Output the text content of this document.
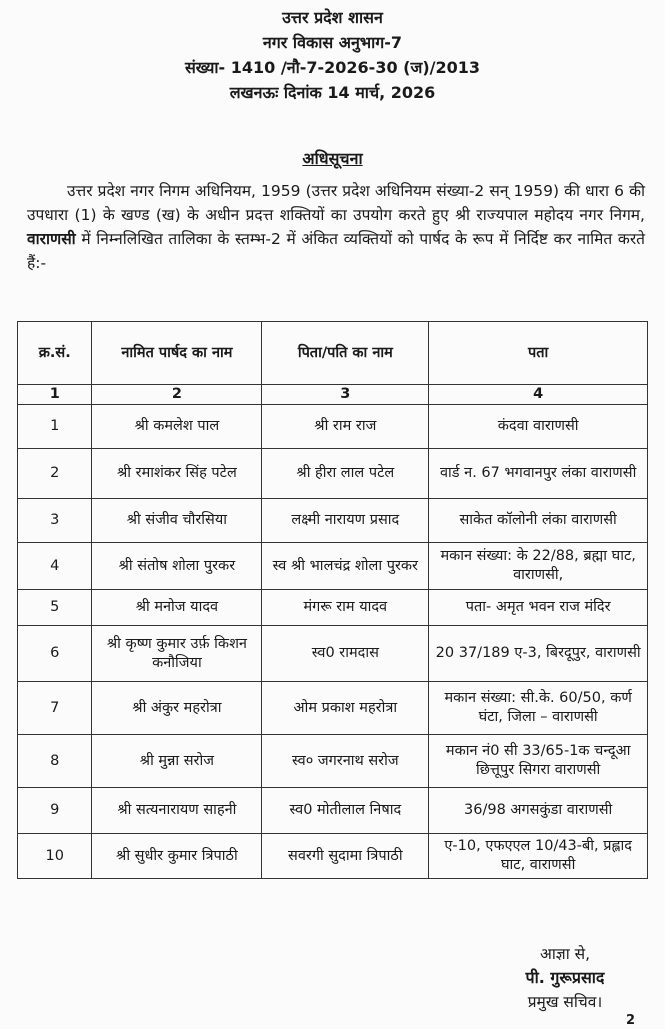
उत्तर प्रदेश शासन
नगर विकास अनुभाग-7
संख्या- 1410 /नौ-7-2026-30 (ज)/2013
लखनऊः दिनांक 14 मार्च, 2026
अधिसूचना
उत्तर प्रदेश नगर निगम अधिनियम, 1959 (उत्तर प्रदेश अधिनियम संख्या-2 सन् 1959) की धारा 6 की उपधारा (1) के खण्ड (ख) के अधीन प्रदत्त शक्तियों का उपयोग करते हुए श्री राज्यपाल महोदय नगर निगम, वाराणसी में निम्नलिखित तालिका के स्तम्भ-2 में अंकित व्यक्तियों को पार्षद के रूप में निर्दिष्ट कर नामित करते हैं:-
क्र.सं.	नामित पार्षद का नाम	पिता/पति का नाम	पता
1	2	3	4
1	श्री कमलेश पाल	श्री राम राज	कंदवा वाराणसी
2	श्री रमाशंकर सिंह पटेल	श्री हीरा लाल पटेल	वार्ड न. 67 भगवानपुर लंका वाराणसी
3	श्री संजीव चौरसिया	लक्ष्मी नारायण प्रसाद	साकेत कॉलोनी लंका वाराणसी
4	श्री संतोष शोला पुरकर	स्व श्री भालचंद्र शोला पुरकर	मकान संख्या: के 22/88, ब्रह्मा घाट, वाराणसी,
5	श्री मनोज यादव	मंगरू राम यादव	पता- अमृत भवन राज मंदिर
6	श्री कृष्ण कुमार उर्फ़ किशन कनौजिया	स्व0 रामदास	20 37/189 ए-3, बिरदूपुर, वाराणसी
7	श्री अंकुर महरोत्रा	ओम प्रकाश महरोत्रा	मकान संख्या: सी.के. 60/50, कर्ण घंटा, जिला – वाराणसी
8	श्री मुन्ना सरोज	स्व० जगरनाथ सरोज	मकान नं0 सी 33/65-1क चन्दूआ छित्तूपुर सिगरा वाराणसी
9	श्री सत्यनारायण साहनी	स्व0 मोतीलाल निषाद	36/98 अगसकुंडा वाराणसी
10	श्री सुधीर कुमार त्रिपाठी	सवरगी सुदामा त्रिपाठी	ए-10, एफएएल 10/43-बी, प्रह्लाद घाट, वाराणसी
आज्ञा से,
पी. गुरूप्रसाद
प्रमुख सचिव।
2
